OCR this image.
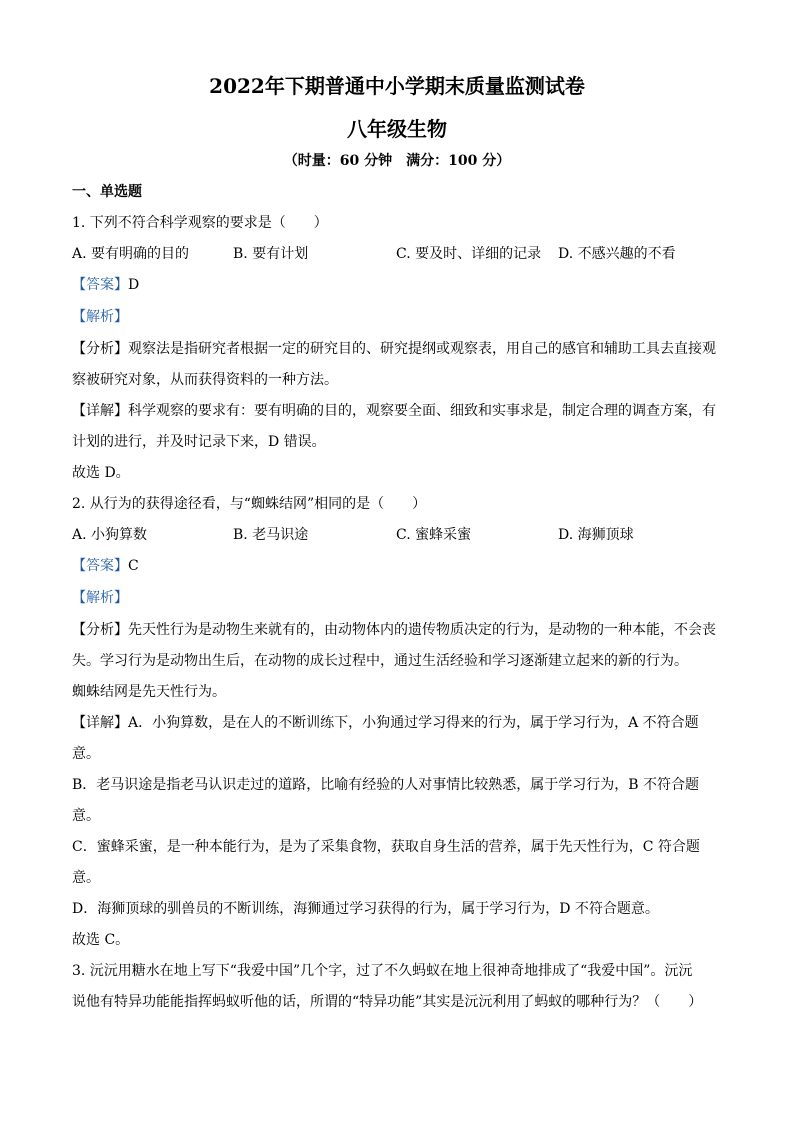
2022年下期普通中小学期末质量监测试卷
八年级生物
（时量：60 分钟　满分：100 分）
一、单选题
1. 下列不符合科学观察的要求是（　　）
A. 要有明确的目的	B. 要有计划	C. 要及时、详细的记录 D. 不感兴趣的不看
【答案】D
【解析】
【分析】观察法是指研究者根据一定的研究目的、研究提纲或观察表，用自己的感官和辅助工具去直接观
察被研究对象，从而获得资料的一种方法。
【详解】科学观察的要求有：要有明确的目的，观察要全面、细致和实事求是，制定合理的调查方案，有
计划的进行，并及时记录下来，D 错误。
故选 D。
2. 从行为的获得途径看，与“蜘蛛结网”相同的是（　　）
A. 小狗算数	B. 老马识途	C. 蜜蜂采蜜	D. 海狮顶球
【答案】C
【解析】
【分析】先天性行为是动物生来就有的，由动物体内的遗传物质决定的行为，是动物的一种本能，不会丧
失。学习行为是动物出生后，在动物的成长过程中，通过生活经验和学习逐渐建立起来的新的行为。
蜘蛛结网是先天性行为。
【详解】A．小狗算数，是在人的不断训练下，小狗通过学习得来的行为，属于学习行为，A 不符合题
意。
B．老马识途是指老马认识走过的道路，比喻有经验的人对事情比较熟悉，属于学习行为，B 不符合题
意。
C．蜜蜂采蜜，是一种本能行为，是为了采集食物，获取自身生活的营养，属于先天性行为，C 符合题
意。
D．海狮顶球的驯兽员的不断训练，海狮通过学习获得的行为，属于学习行为，D 不符合题意。
故选 C。
3. 沅沅用糖水在地上写下“我爱中国”几个字，过了不久蚂蚁在地上很神奇地排成了“我爱中国”。沅沅
说他有特异功能能指挥蚂蚁听他的话，所谓的“特异功能”其实是沅沅利用了蚂蚁的哪种行为？（　　）
